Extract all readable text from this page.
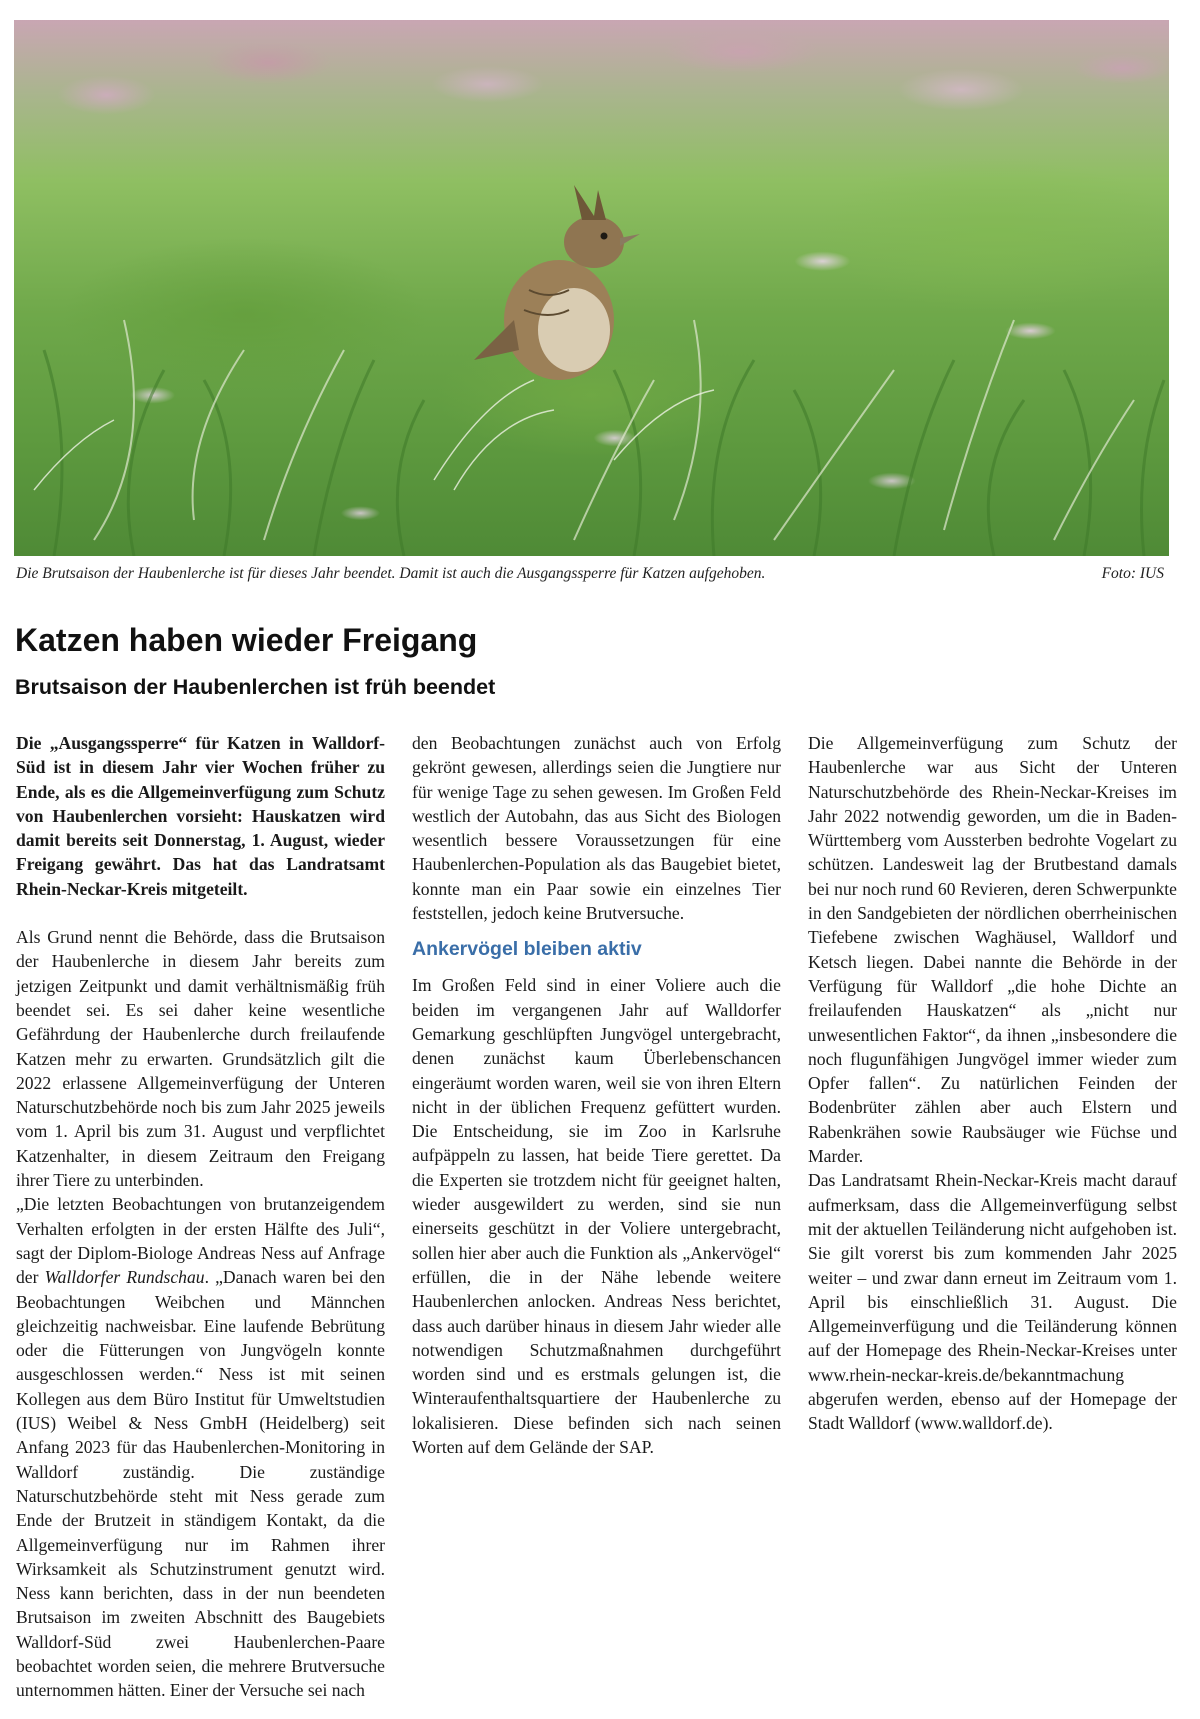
Die Brutsaison der Haubenlerche ist für dieses Jahr beendet. Damit ist auch die Ausgangssperre für Katzen aufgehoben.	Foto: IUS
Katzen haben wieder Freigang
Brutsaison der Haubenlerchen ist früh beendet

Die „Ausgangssperre“ für Katzen in Walldorf-Süd ist in diesem Jahr vier Wochen früher zu Ende, als es die Allgemeinverfügung zum Schutz von Haubenlerchen vorsieht: Hauskatzen wird damit bereits seit Donnerstag, 1. August, wieder Freigang gewährt. Das hat das Landratsamt Rhein-Neckar-Kreis mitgeteilt.

Als Grund nennt die Behörde, dass die Brutsaison der Haubenlerche in diesem Jahr bereits zum jetzigen Zeitpunkt und damit verhältnismäßig früh beendet sei. Es sei daher keine wesentliche Gefährdung der Haubenlerche durch freilaufende Katzen mehr zu erwarten. Grundsätzlich gilt die 2022 erlassene Allgemeinverfügung der Unteren Naturschutzbehörde noch bis zum Jahr 2025 jeweils vom 1. April bis zum 31. August und verpflichtet Katzenhalter, in diesem Zeitraum den Freigang ihrer Tiere zu unterbinden.

„Die letzten Beobachtungen von brutanzeigendem Verhalten erfolgten in der ersten Hälfte des Juli“, sagt der Diplom-Biologe Andreas Ness auf Anfrage der Walldorfer Rundschau. „Danach waren bei den Beobachtungen Weibchen und Männchen gleichzeitig nachweisbar. Eine laufende Bebrütung oder die Fütterungen von Jungvögeln konnte ausgeschlossen werden.“ Ness ist mit seinen Kollegen aus dem Büro Institut für Umweltstudien (IUS) Weibel & Ness GmbH (Heidelberg) seit Anfang 2023 für das Haubenlerchen-Monitoring in Walldorf zuständig. Die zuständige Naturschutzbehörde steht mit Ness gerade zum Ende der Brutzeit in ständigem Kontakt, da die Allgemeinverfügung nur im Rahmen ihrer Wirksamkeit als Schutzinstrument genutzt wird. Ness kann berichten, dass in der nun beendeten Brutsaison im zweiten Abschnitt des Baugebiets Walldorf-Süd zwei Haubenlerchen-Paare beobachtet worden seien, die mehrere Brutversuche unternommen hätten. Einer der Versuche sei nach

den Beobachtungen zunächst auch von Erfolg gekrönt gewesen, allerdings seien die Jungtiere nur für wenige Tage zu sehen gewesen. Im Großen Feld westlich der Autobahn, das aus Sicht des Biologen wesentlich bessere Voraussetzungen für eine Haubenlerchen-Population als das Baugebiet bietet, konnte man ein Paar sowie ein einzelnes Tier feststellen, jedoch keine Brutversuche.

Ankervögel bleiben aktiv

Im Großen Feld sind in einer Voliere auch die beiden im vergangenen Jahr auf Walldorfer Gemarkung geschlüpften Jungvögel untergebracht, denen zunächst kaum Überlebenschancen eingeräumt worden waren, weil sie von ihren Eltern nicht in der üblichen Frequenz gefüttert wurden. Die Entscheidung, sie im Zoo in Karlsruhe aufpäppeln zu lassen, hat beide Tiere gerettet. Da die Experten sie trotzdem nicht für geeignet halten, wieder ausgewildert zu werden, sind sie nun einerseits geschützt in der Voliere untergebracht, sollen hier aber auch die Funktion als „Ankervögel“ erfüllen, die in der Nähe lebende weitere Haubenlerchen anlocken. Andreas Ness berichtet, dass auch darüber hinaus in diesem Jahr wieder alle notwendigen Schutzmaßnahmen durchgeführt worden sind und es erstmals gelungen ist, die Winteraufenthaltsquartiere der Haubenlerche zu lokalisieren. Diese befinden sich nach seinen Worten auf dem Gelände der SAP.

Die Allgemeinverfügung zum Schutz der Haubenlerche war aus Sicht der Unteren Naturschutzbehörde des Rhein-Neckar-Kreises im Jahr 2022 notwendig geworden, um die in Baden-Württemberg vom Aussterben bedrohte Vogelart zu schützen. Landesweit lag der Brutbestand damals bei nur noch rund 60 Revieren, deren Schwerpunkte in den Sandgebieten der nördlichen oberrheinischen Tiefebene zwischen Waghäusel, Walldorf und Ketsch liegen. Dabei nannte die Behörde in der Verfügung für Walldorf „die hohe Dichte an freilaufenden Hauskatzen“ als „nicht nur unwesentlichen Faktor“, da ihnen „insbesondere die noch flugunfähigen Jungvögel immer wieder zum Opfer fallen“. Zu natürlichen Feinden der Bodenbrüter zählen aber auch Elstern und Rabenkrähen sowie Raubsäuger wie Füchse und Marder.

Das Landratsamt Rhein-Neckar-Kreis macht darauf aufmerksam, dass die Allgemeinverfügung selbst mit der aktuellen Teiländerung nicht aufgehoben ist. Sie gilt vorerst bis zum kommenden Jahr 2025 weiter – und zwar dann erneut im Zeitraum vom 1. April bis einschließlich 31. August. Die Allgemeinverfügung und die Teiländerung können auf der Homepage des Rhein-Neckar-Kreises unter www.rhein-neckar-kreis.de/bekanntmachung abgerufen werden, ebenso auf der Homepage der Stadt Walldorf (www.walldorf.de).
